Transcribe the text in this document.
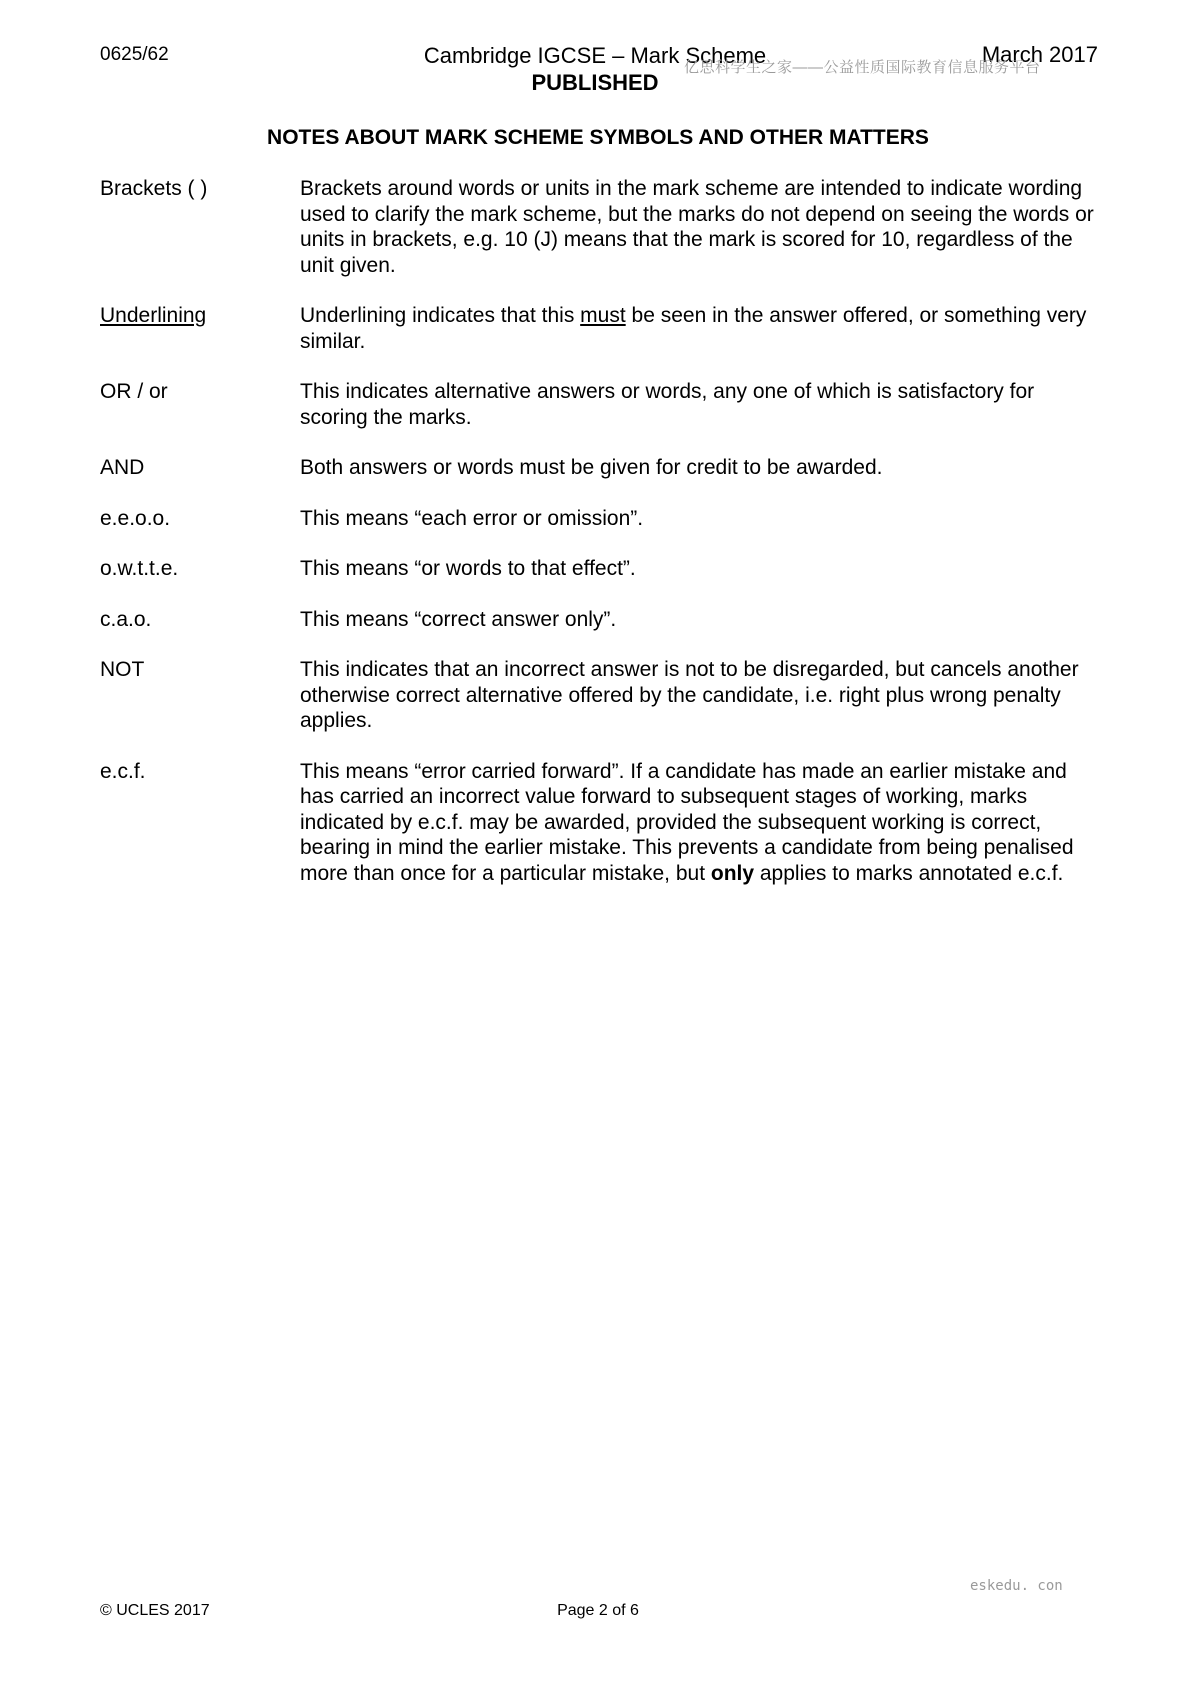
0625/62	Cambridge IGCSE – Mark Scheme
PUBLISHED
March 2017
亿思科学生之家——公益性质国际教育信息服务平台
NOTES ABOUT MARK SCHEME SYMBOLS AND OTHER MATTERS
Brackets ( )	Brackets around words or units in the mark scheme are intended to indicate wording used to clarify the mark scheme, but the marks do not depend on seeing the words or units in brackets, e.g. 10 (J) means that the mark is scored for 10, regardless of the unit given.
Underlining	Underlining indicates that this must be seen in the answer offered, or something very similar.
OR / or	This indicates alternative answers or words, any one of which is satisfactory for scoring the marks.
AND	Both answers or words must be given for credit to be awarded.
e.e.o.o.	This means “each error or omission”.
o.w.t.t.e.	This means “or words to that effect”.
c.a.o.	This means “correct answer only”.
NOT	This indicates that an incorrect answer is not to be disregarded, but cancels another otherwise correct alternative offered by the candidate, i.e. right plus wrong penalty applies.
e.c.f.	This means “error carried forward”. If a candidate has made an earlier mistake and has carried an incorrect value forward to subsequent stages of working, marks indicated by e.c.f. may be awarded, provided the subsequent working is correct, bearing in mind the earlier mistake. This prevents a candidate from being penalised more than once for a particular mistake, but only applies to marks annotated e.c.f.
eskedu. con
© UCLES 2017	Page 2 of 6
